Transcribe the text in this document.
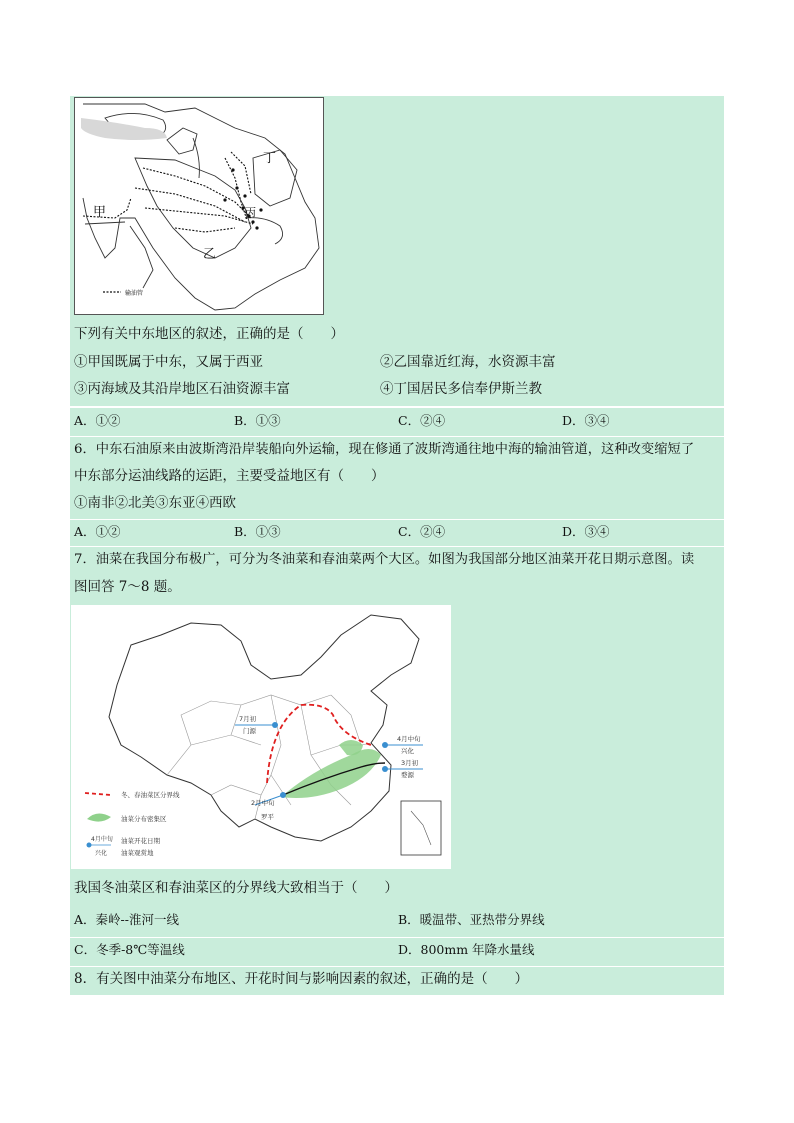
丁
丙
甲
乙
输油管
下列有关中东地区的叙述，正确的是（　　）
①甲国既属于中东，又属于西亚	②乙国靠近红海，水资源丰富
③丙海域及其沿岸地区石油资源丰富	④丁国居民多信奉伊斯兰教
A．①②	B．①③	C．②④	D．③④
6．中东石油原来由波斯湾沿岸装船向外运输，现在修通了波斯湾通往地中海的输油管道，这种改变缩短了
中东部分运油线路的运距，主要受益地区有（　　）
①南非②北美③东亚④西欧
A．①②	B．①③	C．②④	D．③④
7．油菜在我国分布极广，可分为冬油菜和春油菜两个大区。如图为我国部分地区油菜开花日期示意图。读
图回答 7～8 题。
7月初
门源
4月中旬
兴化
3月初
婺源
2月中旬
罗平
冬、春油菜区分界线
油菜分布密集区
4月中旬
兴化
油菜开花日期
油菜观赏地
我国冬油菜区和春油菜区的分界线大致相当于（　　）
A．秦岭--淮河一线	B．暖温带、亚热带分界线
C．冬季-8℃等温线	D．800mm 年降水量线
8．有关图中油菜分布地区、开花时间与影响因素的叙述，正确的是（　　）
